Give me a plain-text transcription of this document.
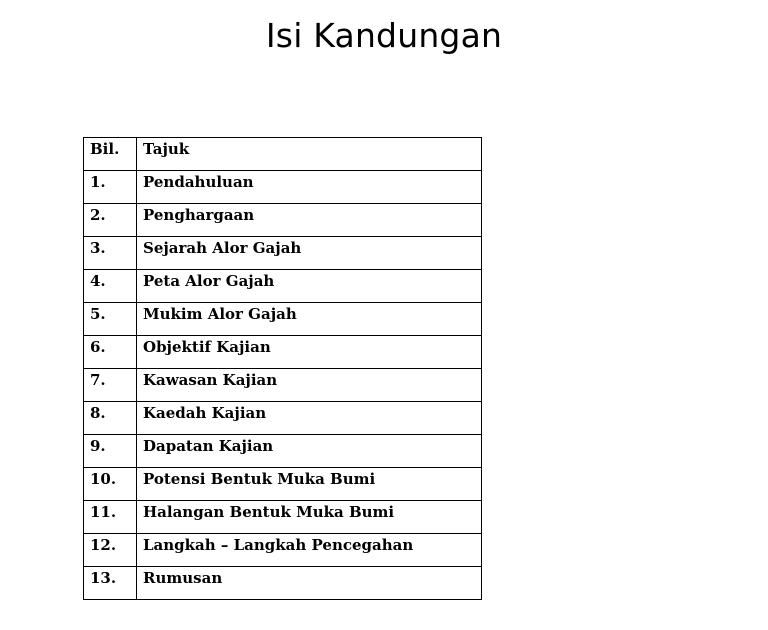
Isi Kandungan
Bil.	Tajuk

1.	Pendahuluan

2.	Penghargaan

3.	Sejarah Alor Gajah

4.	Peta Alor Gajah

5.	Mukim Alor Gajah

6.	Objektif Kajian

7.	Kawasan Kajian

8.	Kaedah Kajian

9.	Dapatan Kajian

10.	Potensi Bentuk Muka Bumi

11.	Halangan Bentuk Muka Bumi

12.	Langkah – Langkah Pencegahan

13.	Rumusan
